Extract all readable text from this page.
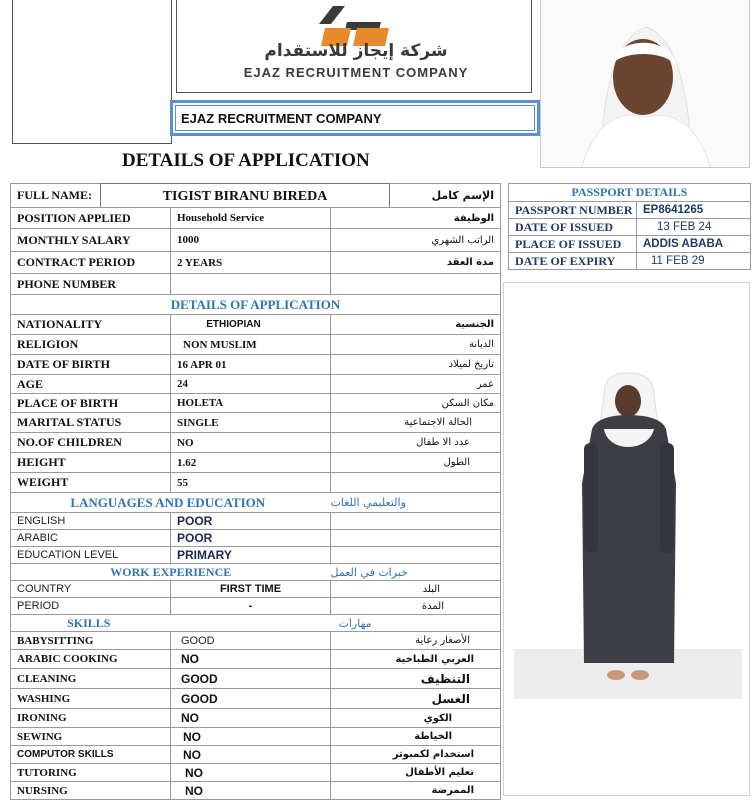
شركة إيجاز للاستقدام
EJAZ RECRUITMENT COMPANY
EJAZ RECRUITMENT COMPANY
DETAILS OF APPLICATION
FULL NAME:		الإسم كامل
TIGIST BIRANU BIREDA
POSITION APPLIED	Household Service	الوظيفة
MONTHLY SALARY	1000	الراتب الشهري
CONTRACT PERIOD	2 YEARS	مدة العقد
PHONE NUMBER		
DETAILS OF APPLICATION		
NATIONALITY	ETHIOPIAN	الجنسية
RELIGION	NON MUSLIM	الديانة
DATE OF BIRTH	16 APR 01	تاريخ لميلاد
AGE	24	عمر
PLACE OF BIRTH	HOLETA	مكان السكن
MARITAL STATUS	SINGLE	الحالة الاجتماعية
NO.OF CHILDREN	NO	عدد الا طفال
HEIGHT	1.62	الطول
WEIGHT	55	
LANGUAGES AND EDUCATION		والتعليمي اللغات
ENGLISH	POOR	
ARABIC	POOR	
EDUCATION LEVEL	PRIMARY	
WORK EXPERIENCE		خبرات في العمل
COUNTRY	FIRST TIME	البلد
PERIOD	-	المدة
SKILLS		مهارات
BABYSITTING	GOOD	الأصغار رعاية
ARABIC COOKING	NO	العربي الطباخية
CLEANING	GOOD	التنظيف
WASHING	GOOD	الغسل
IRONING	NO	الكوي
SEWING	NO	الخياطة
COMPUTOR SKILLS	NO	استخدام لكمبوتر
TUTORING	NO	تعليم الأطفال
NURSING	NO	الممرضة
PASSPORT DETAILS	
PASSPORT NUMBER	EP8641265
DATE OF ISSUED	13 FEB 24
PLACE OF ISSUED	ADDIS ABABA
DATE OF EXPIRY	11 FEB 29
